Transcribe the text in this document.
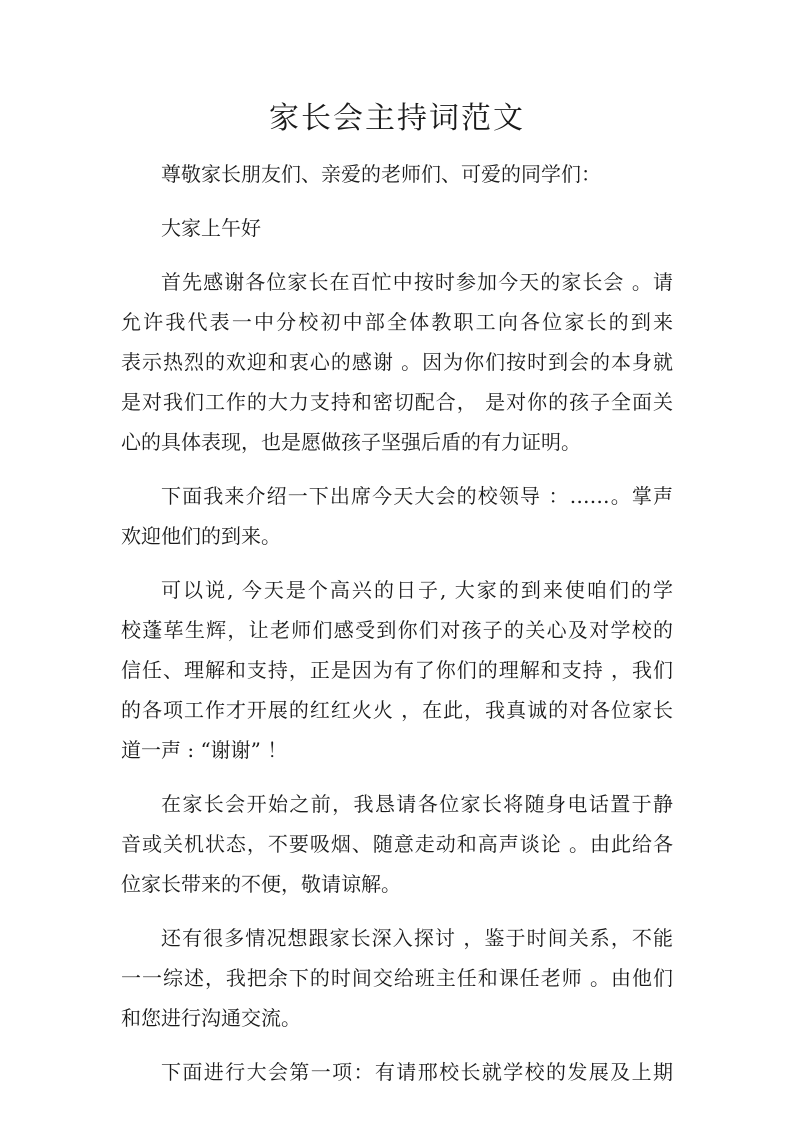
家长会主持词范文
尊敬家长朋友们、亲爱的老师们、可爱的同学们：
大家上午好
首先感谢各位家长在百忙中按时参加今天的家长会 。请
允许我代表一中分校初中部全体教职工向各位家长的到来
表示热烈的欢迎和衷心的感谢 。因为你们按时到会的本身就
是对我们工作的大力支持和密切配合， 是对你的孩子全面关
心的具体表现，也是愿做孩子坚强后盾的有力证明。
下面我来介绍一下出席今天大会的校领导 ：……。掌声
欢迎他们的到来。
可以说, 今天是个高兴的日子, 大家的到来使咱们的学
校蓬荜生辉，让老师们感受到你们对孩子的关心及对学校的
信任、理解和支持，正是因为有了你们的理解和支持 ，我们
的各项工作才开展的红红火火 ，在此，我真诚的对各位家长
道一声 : “谢谢” ！
在家长会开始之前，我恳请各位家长将随身电话置于静
音或关机状态，不要吸烟、随意走动和高声谈论 。由此给各
位家长带来的不便，敬请谅解。
还有很多情况想跟家长深入探讨 ，鉴于时间关系，不能
一一综述，我把余下的时间交给班主任和课任老师 。由他们
和您进行沟通交流。
下面进行大会第一项：有请邢校长就学校的发展及上期
